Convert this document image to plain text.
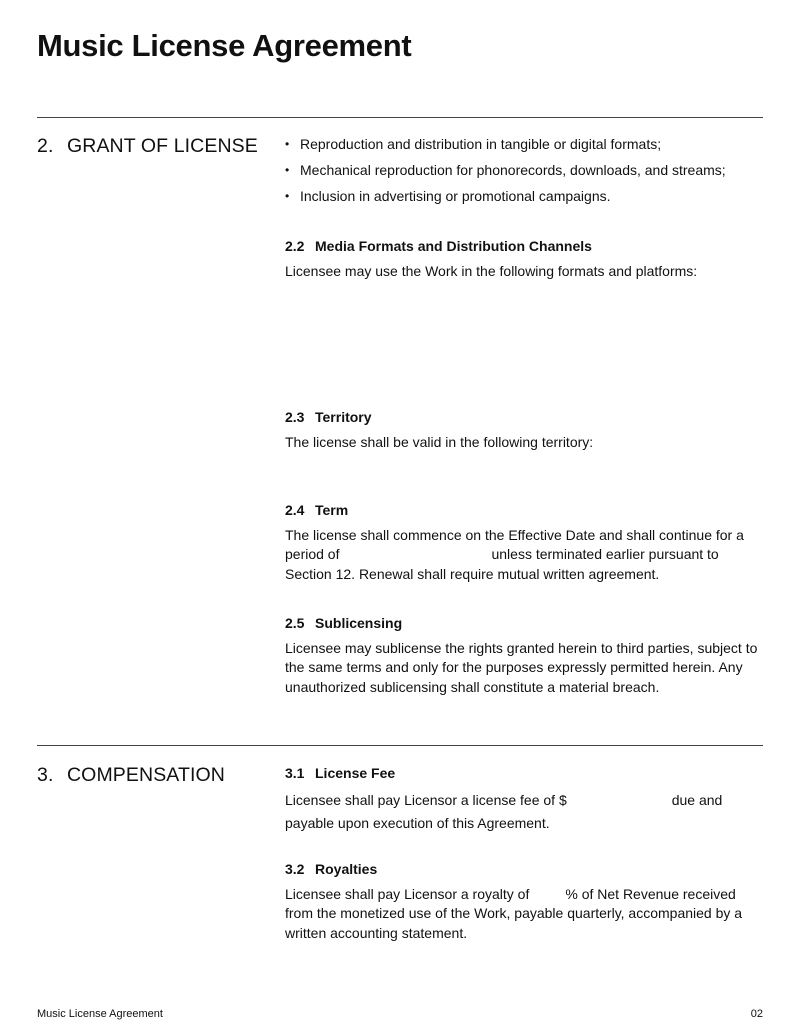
Music License Agreement
2. GRANT OF LICENSE • Reproduction and distribution in tangible or digital formats;
• Mechanical reproduction for phonorecords, downloads, and streams;
• Inclusion in advertising or promotional campaigns.
2.2 Media Formats and Distribution Channels

Licensee may use the Work in the following formats and platforms:

2.3 Territory

The license shall be valid in the following territory:

2.4 Term

The license shall commence on the Effective Date and shall continue for a period of	unless terminated earlier pursuant to Section 12. Renewal shall require mutual written agreement.

2.5 Sublicensing

Licensee may sublicense the rights granted herein to third parties, subject to the same terms and only for the purposes expressly permitted herein. Any unauthorized sublicensing shall constitute a material breach.

3. COMPENSATION	3.1 License Fee

Licensee shall pay Licensor a license fee of $	due and payable upon execution of this Agreement.

3.2 Royalties

Licensee shall pay Licensor a royalty of	% of Net Revenue received from the monetized use of the Work, payable quarterly, accompanied by a written accounting statement.

Music License Agreement	02
